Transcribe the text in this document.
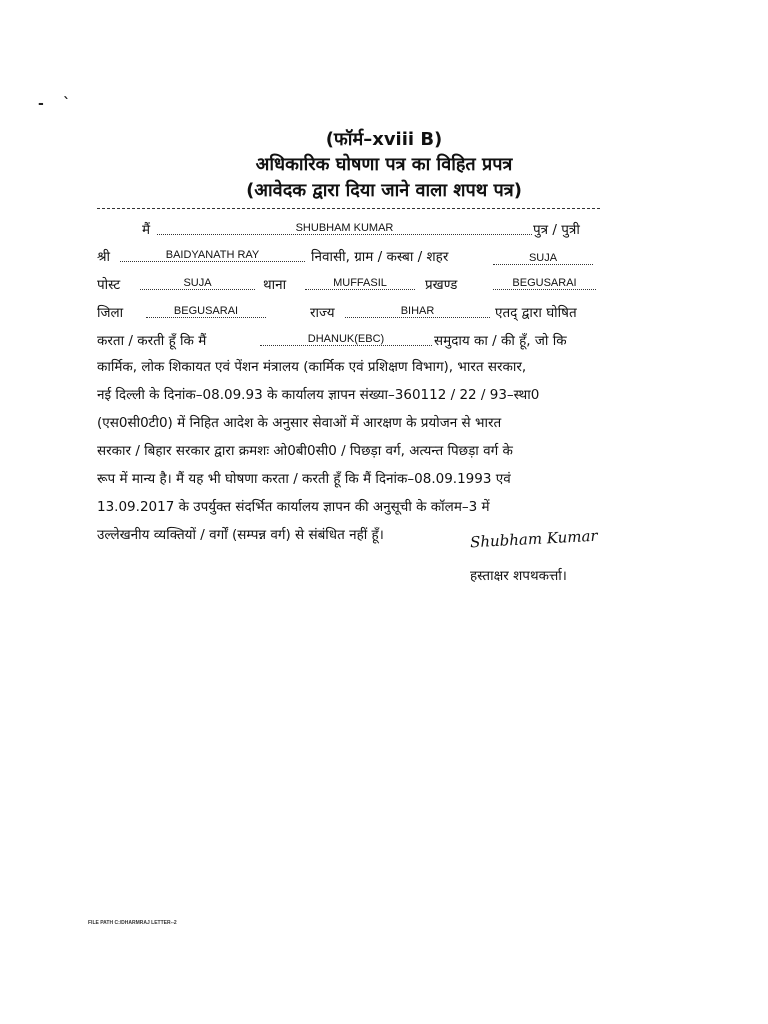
-    `
(फॉर्म–xviii B)
अधिकारिक घोषणा पत्र का विहित प्रपत्र
(आवेदक द्वारा दिया जाने वाला शपथ पत्र)
मैं	SHUBHAM KUMAR	पुत्र / पुत्री
श्री	BAIDYANATH RAY	निवासी, ग्राम / कस्बा / शहर	SUJA
पोस्ट	SUJA	थाना	MUFFASIL	प्रखण्ड	BEGUSARAI
जिला	BEGUSARAI	राज्य	BIHAR	एतद् द्वारा घोषित
करता / करती हूँ कि मैं	DHANUK(EBC)	समुदाय का / की हूँ, जो कि
कार्मिक, लोक शिकायत एवं पेंशन मंत्रालय (कार्मिक एवं प्रशिक्षण विभाग), भारत सरकार,
नई दिल्ली के दिनांक–08.09.93 के कार्यालय ज्ञापन संख्या–360112 / 22 / 93–स्था0
(एस0सी0टी0) में निहित आदेश के अनुसार सेवाओं में आरक्षण के प्रयोजन से भारत
सरकार / बिहार सरकार द्वारा क्रमशः ओ0बी0सी0 / पिछड़ा वर्ग, अत्यन्त पिछड़ा वर्ग के
रूप में मान्य है। मैं यह भी घोषणा करता / करती हूँ कि मैं दिनांक–08.09.1993 एवं
13.09.2017 के उपर्युक्त संदर्भित कार्यालय ज्ञापन की अनुसूची के कॉलम–3 में
उल्लेखनीय व्यक्तियों / वर्गों (सम्पन्न वर्ग) से संबंधित नहीं हूँ।	Shubham Kumar
हस्ताक्षर शपथकर्त्ता।
FILE PATH C:/DHARMRAJ LETTER--2
